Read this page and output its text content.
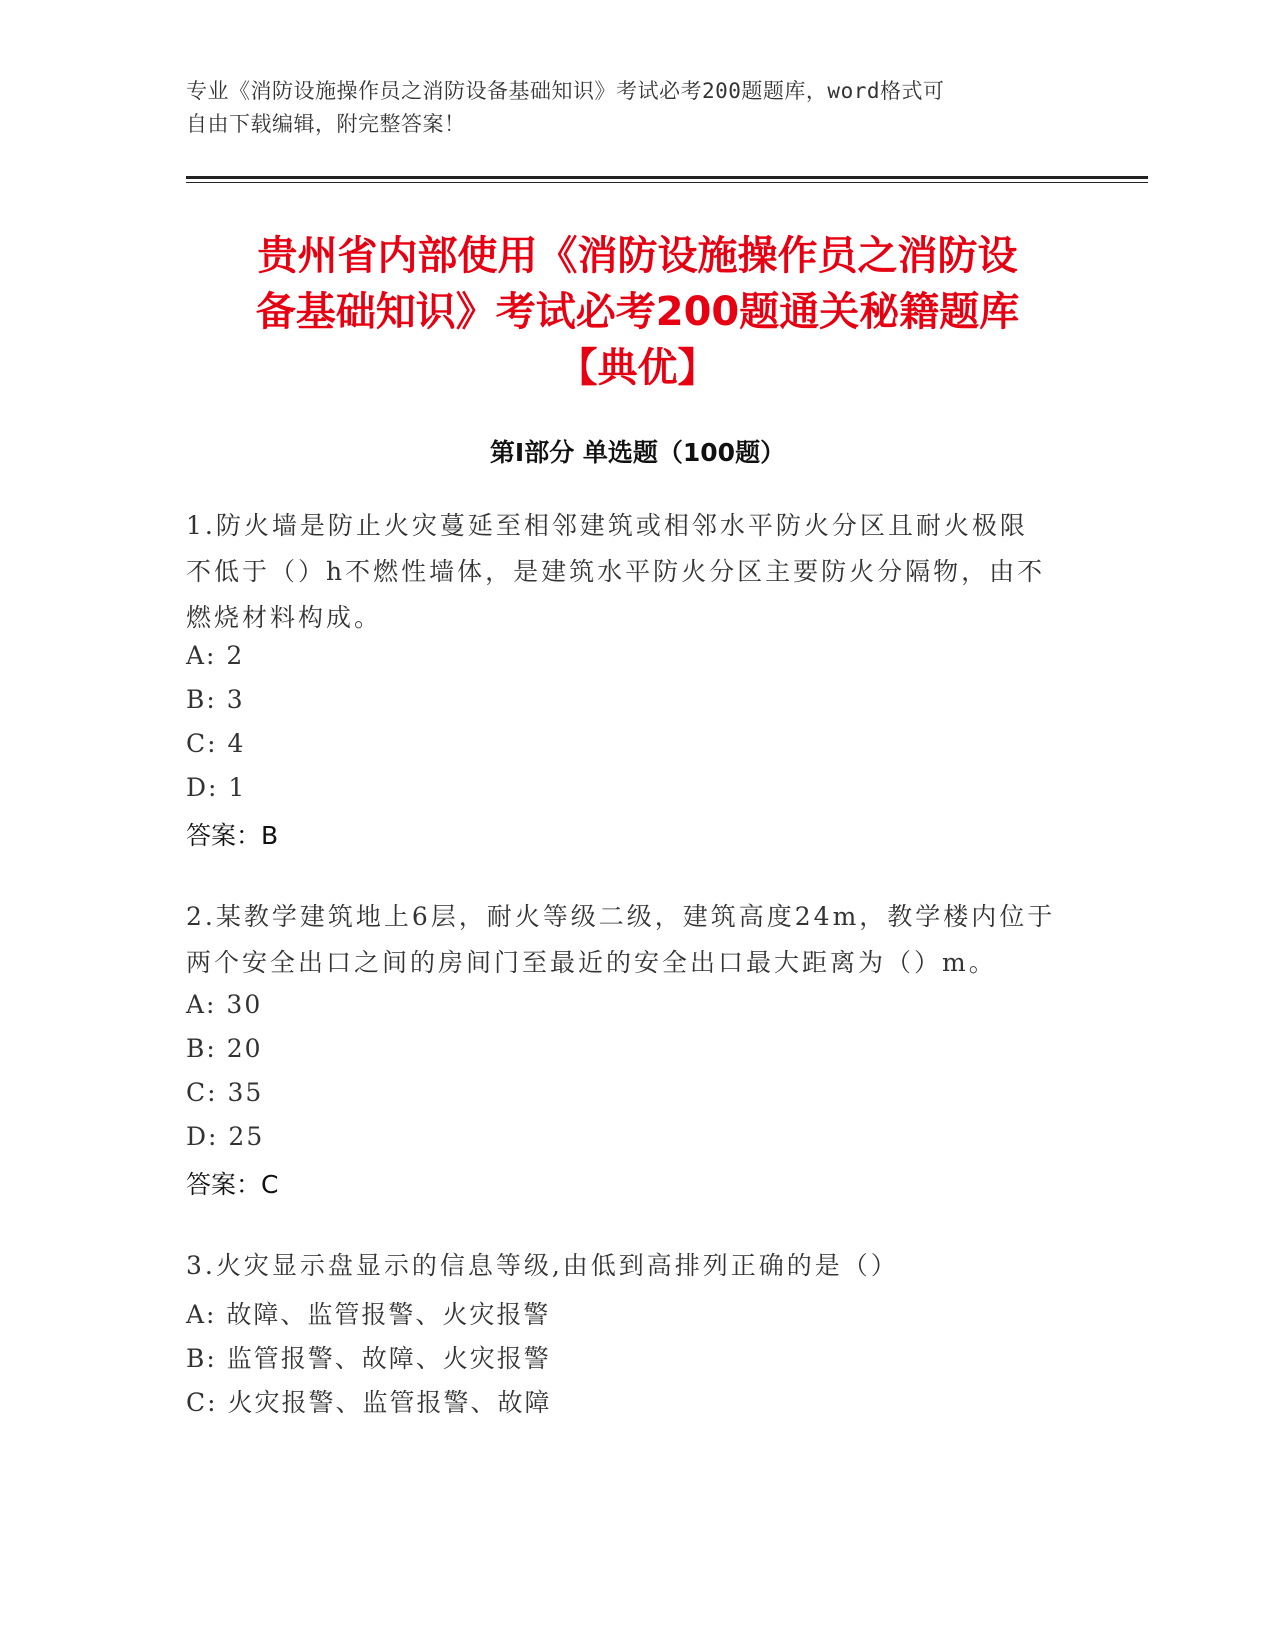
专业《消防设施操作员之消防设备基础知识》考试必考200题题库，word格式可
自由下载编辑，附完整答案！
贵州省内部使用《消防设施操作员之消防设
备基础知识》考试必考200题通关秘籍题库
【典优】
第Ⅰ部分 单选题（100题）
1.防火墙是防止火灾蔓延至相邻建筑或相邻水平防火分区且耐火极限
不低于（）h不燃性墙体，是建筑水平防火分区主要防火分隔物，由不
燃烧材料构成。
A: 2
B: 3
C: 4
D: 1
答案：B
2.某教学建筑地上6层，耐火等级二级，建筑高度24m，教学楼内位于
两个安全出口之间的房间门至最近的安全出口最大距离为（）m。
A: 30
B: 20
C: 35
D: 25
答案：C
3.火灾显示盘显示的信息等级,由低到高排列正确的是（）
A: 故障、监管报警、火灾报警
B: 监管报警、故障、火灾报警
C: 火灾报警、监管报警、故障
